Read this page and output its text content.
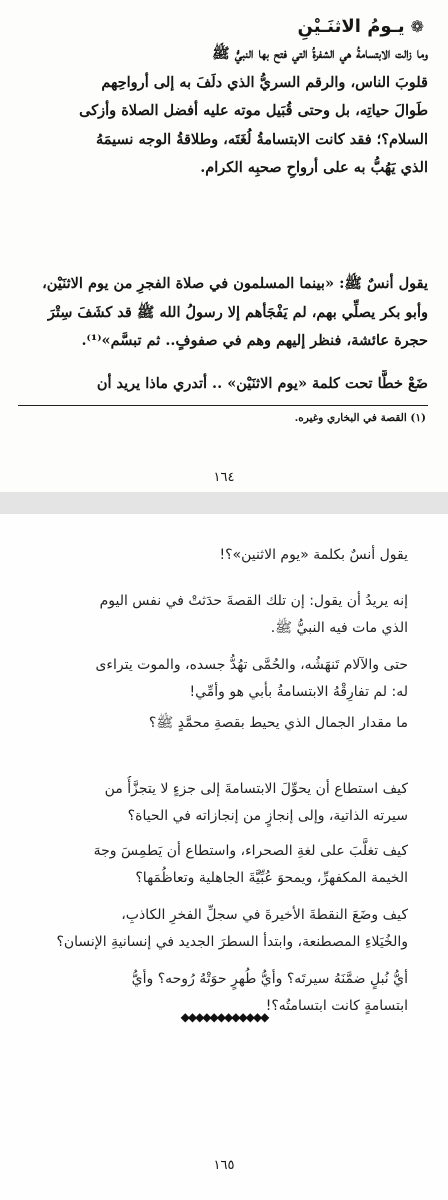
❁
يـومُ الاثنَـيْنِ
وما زالت الابتسامةُ هي الشفرةُ التي فتح بها النبيُّ ﷺ
قلوبَ الناس، والرقم السريُّ الذي دلَفَ به إلى أرواحِهم
طَوالَ حياتِه، بل وحتى قُبَيل موته عليه أفضل الصلاة وأزكى
السلام؟؛ فقد كانت الابتسامةُ لُغَتَه، وطلاقةُ الوجه نسيمَهُ
الذي يَهُبُّ به على أرواحِ صحبِه الكرام.
يقول أنسٌ ﷺ: «بينما المسلمون في صلاة الفجرِ من يوم الاثنَيْن،
وأبو بكر يصلِّي بهم، لم يَفْجَأهم إلا رسولُ الله ﷺ قد كشَفَ سِتْرَ
حجرة عائشة، فنظر إليهم وهم في صفوفٍ.. ثم تبسَّم»⁽¹⁾.
ضَعْ خطًّا تحت كلمة «يوم الاثنَيْن» .. أتدري ماذا يريد أن
(١) القصة في البخاري وغيره.
١٦٤
يقول أنسٌ بكلمة «يوم الاثنين»؟!
إنه يريدُ أن يقول: إن تلك القصةَ حدَثتْ في نفس اليوم
الذي مات فيه النبيُّ ﷺ.
حتى والآلام تَنهَشُه، والحُمَّى تهُدُّ جسده، والموت يتراءى
له: لم تفارِقْهُ الابتسامةُ بأبي هو وأمِّي!
ما مقدار الجمال الذي يحيط بقصةِ محمَّدٍ ﷺ؟
كيف استطاع أن يحوِّلَ الابتسامةَ إلى جزءٍ لا يتجزَّأُ من
سيرته الذاتية، وإلى إنجازٍ من إنجازاته في الحياة؟
كيف تغلَّبَ على لغةِ الصحراء، واستطاع أن يَطمِسَ وجهَ
الخيمة المكفهرِّ، ويمحوَ عُبِّيَّةَ الجاهلية وتعاظُمَها؟
كيف وضَعَ النقطةَ الأخيرةَ في سجلِّ الفخرِ الكاذبِ،
والخُيَلاءِ المصطنعة، وابتدأ السطرَ الجديد في إنسانيةِ الإنسان؟
أيُّ نُبلٍ ضمَّنَهُ سيرتَه؟ وأيُّ طُهرٍ حوَتْهُ رُوحه؟ وأيُّ
ابتسامةٍ كانت ابتسامتُه؟!
◆◆◆◆◆◆◆◆◆◆◆◆
١٦٥
